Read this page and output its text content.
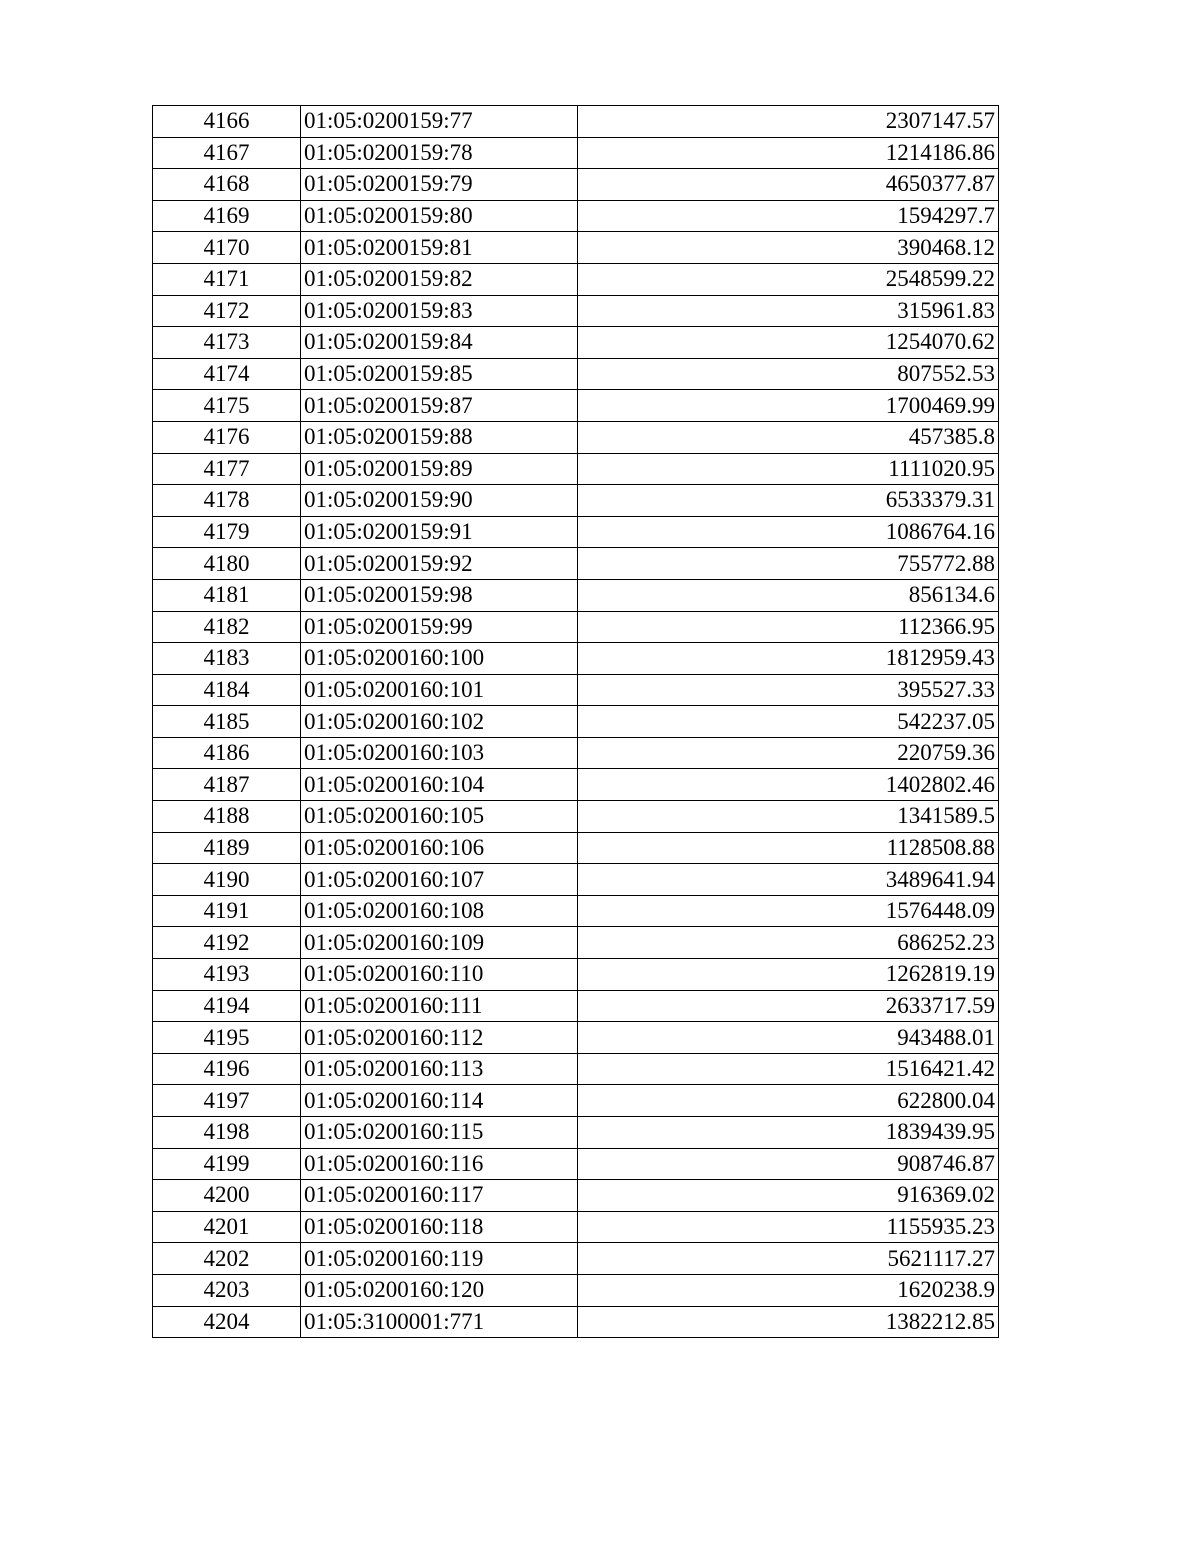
4166	01:05:0200159:77	2307147.57
4167	01:05:0200159:78	1214186.86
4168	01:05:0200159:79	4650377.87
4169	01:05:0200159:80	1594297.7
4170	01:05:0200159:81	390468.12
4171	01:05:0200159:82	2548599.22
4172	01:05:0200159:83	315961.83
4173	01:05:0200159:84	1254070.62
4174	01:05:0200159:85	807552.53
4175	01:05:0200159:87	1700469.99
4176	01:05:0200159:88	457385.8
4177	01:05:0200159:89	1111020.95
4178	01:05:0200159:90	6533379.31
4179	01:05:0200159:91	1086764.16
4180	01:05:0200159:92	755772.88
4181	01:05:0200159:98	856134.6
4182	01:05:0200159:99	112366.95
4183	01:05:0200160:100	1812959.43
4184	01:05:0200160:101	395527.33
4185	01:05:0200160:102	542237.05
4186	01:05:0200160:103	220759.36
4187	01:05:0200160:104	1402802.46
4188	01:05:0200160:105	1341589.5
4189	01:05:0200160:106	1128508.88
4190	01:05:0200160:107	3489641.94
4191	01:05:0200160:108	1576448.09
4192	01:05:0200160:109	686252.23
4193	01:05:0200160:110	1262819.19
4194	01:05:0200160:111	2633717.59
4195	01:05:0200160:112	943488.01
4196	01:05:0200160:113	1516421.42
4197	01:05:0200160:114	622800.04
4198	01:05:0200160:115	1839439.95
4199	01:05:0200160:116	908746.87
4200	01:05:0200160:117	916369.02
4201	01:05:0200160:118	1155935.23
4202	01:05:0200160:119	5621117.27
4203	01:05:0200160:120	1620238.9
4204	01:05:3100001:771	1382212.85
